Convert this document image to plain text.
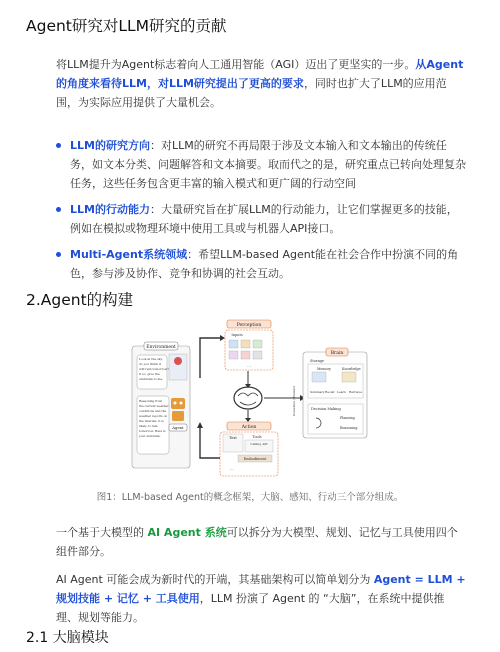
Agent研究对LLM研究的贡献

将LLM提升为Agent标志着向人工通用智能（AGI）迈出了更坚实的一步。从Agent的角度来看待LLM，对LLM研究提出了更高的要求，同时也扩大了LLM的应用范围，为实际应用提供了大量机会。

LLM的研究方向：对LLM的研究不再局限于涉及文本输入和文本输出的传统任务，如文本分类、问题解答和文本摘要。取而代之的是，研究重点已转向处理复杂任务，这些任务包含更丰富的输入模式和更广阔的行动空间
LLM的行动能力：大量研究旨在扩展LLM的行动能力，让它们掌握更多的技能，例如在模拟或物理环境中使用工具或与机器人API接口。
Multi-Agent系统领域：希望LLM-based Agent能在社会合作中扮演不同的角色，参与涉及协作、竞争和协调的社会互动。
2.Agent的构建
Environment
Look at the sky, do you think it will rain tomorrow? If so, give the umbrella to me.
Reasoning from the current weather conditions and the weather reports on the internet, it is likely to rain tomorrow. Here is your umbrella.
Agent
Perception
Inputs
...
Action
Text	Tools
Calling API
Embodiment
...
Brain
Storage
Memory	Knowledge
Summary Recall Learn Retrieve
Decision Making
Planning
Reasoning
Generalize / Transfer
图1：LLM-based Agent的概念框架，大脑、感知、行动三个部分组成。

一个基于大模型的 AI Agent 系统可以拆分为大模型、规划、记忆与工具使用四个组件部分。

AI Agent 可能会成为新时代的开端，其基础架构可以简单划分为 Agent = LLM + 规划技能 + 记忆 + 工具使用，LLM 扮演了 Agent 的 “大脑”，在系统中提供推理、规划等能力。

2.1 大脑模块
